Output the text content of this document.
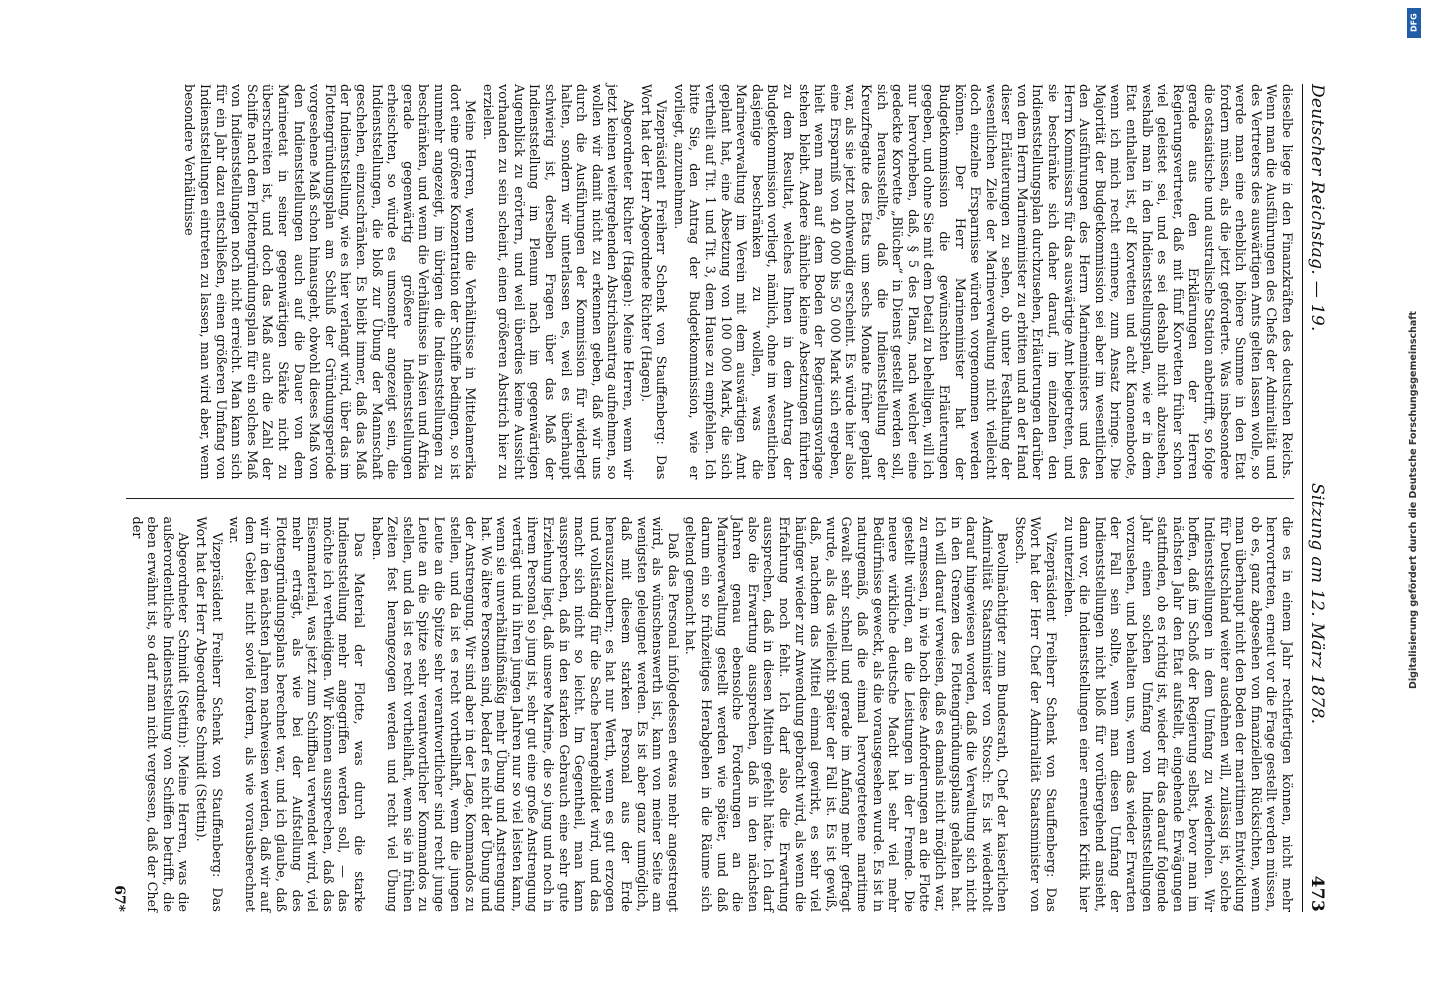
Deutscher Reichstag. — 19.
Sitzung am 12. März 1878.
473

dieselbe liege in den Finanzkräften des deutschen Reichs. Wenn man die Ausführungen des Chefs der Admiralität und des Vertreters des auswärtigen Amts gelten lassen wolle, so werde man eine erheblich höhere Summe in den Etat fordern müssen, als die jetzt geforderte. Was insbesondere die ostasiatische und australische Station anbetrifft, so folge gerade aus den Erklärungen der Herren Regierungsvertreter, daß mit fünf Korvetten früher schon viel geleistet sei, und es sei deshalb nicht abzusehen, weshalb man in den Indienststellungsplan, wie er in dem Etat enthalten ist, elf Korvetten und acht Kanonenboote, wenn ich mich recht erinnere, zum Ansatz bringe. Die Majorität der Budgetkommission sei aber im wesentlichen den Ausführungen des Herrn Marineministers und des Herrn Kommissars für das auswärtige Amt beigetreten, und sie beschränke sich daher darauf, im einzelnen den Indienststellungsplan durchzusehen, Erläuterungen darüber von dem Herrn Marineminister zu erbitten und an der Hand dieser Erläuterungen zu sehen, ob unter Festhaltung der wesentlichen Ziele der Marineverwaltung nicht vielleicht doch einzelne Ersparnisse würden vorgenommen werden können. Der Herr Marineminister hat der Budgetkommission die gewünschten Erläuterungen gegeben, und ohne Sie mit dem Detail zu behelligen, will ich nur hervorheben, daß, § 5 des Plans, nach welcher eine gedeckte Korvette „Blücher“ in Dienst gestellt werden soll, sich herausstellte, daß die Indienststellung der Kreuzfregatte des Etats um sechs Monate früher geplant war, als sie jetzt nothwendig erscheint. Es würde hier also eine Ersparniß von 40 000 bis 50 000 Mark sich ergeben, hielt wenn man auf dem Boden der Regierungsvorlage stehen bleibt. Andere ähnliche kleine Absetzungen führten zu dem Resultat, welches Ihnen in dem Antrag der Budgetkommission vorliegt, nämlich, ohne im wesentlichen dasjenige beschränken zu wollen, was die Marineverwaltung im Verein mit dem auswärtigen Amt geplant hat, eine Absetzung von 100 000 Mark, die sich vertheilt auf Tit. 1 und Tit. 3, dem Hause zu empfehlen. Ich bitte Sie, den Antrag der Budgetkommission, wie er vorliegt, anzunehmen.

Vizepräsident Freiherr Schenk von Stauffenberg: Das Wort hat der Herr Abgeordnete Richter (Hagen).

Abgeordneter Richter (Hagen): Meine Herren, wenn wir jetzt keinen weitergehenden Abstrichsantrag aufnehmen, so wollen wir damit nicht zu erkennen geben, daß wir uns durch die Ausführungen der Kommission für widerlegt halten, sondern wir unterlassen es, weil es überhaupt schwierig ist, derselben Fragen über das Maß der Indienststellung im Plenum nach im gegenwärtigen Augenblick zu erörtern, und weil überdies keine Aussicht vorhanden zu sein scheint, einen größeren Abstrich hier zu erzielen.

Meine Herren, wenn die Verhältnisse in Mittelamerika dort eine größere Konzentration der Schiffe bedingen, so ist nunmehr angezeigt, im übrigen die Indienststellungen zu beschränken, und wenn die Verhältnisse in Asien und Afrika gerade gegenwärtig größere Indienststellungen erheischten, so würde es umsomehr angezeigt sein, die Indienststellungen, die bloß zur Übung der Mannschaft geschehen, einzuschränken. Es bleibt immer, daß das Maß der Indienststellung, wie es hier verlangt wird, über das im Flottengründungsplan am Schluß der Gründungsperiode vorgesehene Maß schon hinausgeht, obwohl dieses Maß von den Indienststellungen auch auf die Dauer von dem Marineetat in seiner gegenwärtigen Stärke nicht zu überschreiten ist, und doch das Maß auch die Zahl der Schiffe nach dem Flottengründungsplan für ein solches Maß von Indienststellungen noch nicht erreicht. Man kann sich für ein Jahr dazu entschließen, einen größeren Umfang von Indienststellungen eintreten zu lassen, man wird aber, wenn besondere Verhältnisse

die es in einem Jahr rechtfertigen können, nicht mehr herrvortreten, erneut vor die Frage gestellt werden müssen, ob es, ganz abgesehen von finanziellen Rücksichten, wenn man überhaupt nicht den Boden der maritimen Entwicklung für Deutschland weiter ausdehnen will, zulässig ist, solche Indienststellungen in dem Umfang zu wiederholen. Wir hoffen, daß im Schoß der Regierung selbst, bevor man im nächsten Jahr den Etat aufstellt, eingehende Erwägungen stattfinden, ob es richtig ist, wieder für das darauf folgende Jahr einen solchen Umfang von Indienststellungen vorzusehen, und behalten uns, wenn das wieder Erwarten der Fall sein sollte, wenn man diesen Umfang der Indienststellungen nicht bloß für vorübergehend ansieht, dann vor, die Indienststellungen einer erneuten Kritik hier zu unterziehen.

Vizepräsident Freiherr Schenk von Stauffenberg: Das Wort hat der Herr Chef der Admiralität Staatsminister von Stosch.

Bevollmächtigter zum Bundesrath, Chef der kaiserlichen Admiralität Staatsminister von Stosch: Es ist wiederholt darauf hingewiesen worden, daß die Verwaltung sich nicht in den Grenzen des Flottengründungsplans gehalten hat. Ich will darauf verweisen, daß es damals nicht möglich war, zu ermessen, in wie hoch diese Anforderungen an die Flotte gestellt würden, an die Leistungen in der Fremde. Die neuere wirkliche deutsche Macht hat sehr viel mehr Bedürfnisse geweckt, als die vorausgesehen wurde. Es ist in naturgemäß, daß die einmal hervorgetretene maritime Gewalt sehr schnell und gerade im Anfang mehr gefragt wurde, als das vielleicht später der Fall ist. Es ist gewiß, daß, nachdem das Mittel einmal gewirkt, es sehr viel häufiger wieder zur Anwendung gebracht wird, als wenn die Erfahrung noch fehlt. Ich darf also die Erwartung aussprechen, daß in diesen Mitteln gefehlt hätte. Ich darf also die Erwartung aussprechen, daß in den nächsten Jahren genau ebensolche Forderungen an die Marineverwaltung gestellt werden wie später, und daß darum ein so frühzeitiges Herabgehen in die Räume sich geltend gemacht hat.

Daß das Personal infolgedessen etwas mehr angestrengt wird, als wünschenswerth ist, kann von meiner Seite am wenigsten geleugnet werden. Es ist aber ganz unmöglich, daß mit diesem starken Personal aus der Erde herauszuzaubern; es hat nur Werth, wenn es gut erzogen und vollständig für die Sache herangebildet wird, und das macht sich nicht so leicht. Im Gegentheil, man kann aussprechen, daß in den starken Gebrauch eine sehr gute Erziehung liegt, daß unsere Marine, die so jung und noch in ihrem Personal so jung ist, sehr gut eine große Anstrengung verträgt und in ihren jungen Jahren nur so viel leisten kann, wenn sie unverhältnißmäßig mehr Übung und Anstrengung hat. Wo ältere Personen sind, bedarf es nicht der Übung und der Anstrengung. Wir sind aber in der Lage, Kommandos zu stellen, und da ist es recht vortheilhaft, wenn die jungen Leute an die Spitze sehr verantwortlicher sind recht junge Leute an die Spitze sehr verantwortlicher Kommandos zu stellen, und da ist es recht vortheilhaft, wenn sie in frühen Zeiten fest herangezogen werden und recht viel Übung haben.

Das Material der Flotte, was durch die starke Indienststellung mehr angegriffen werden soll, — das möchte ich vertheidigen. Wir können aussprechen, daß das Eisenmaterial, was jetzt zum Schiffbau verwendet wird, viel mehr erträgt, als wie bei der Aufstellung des Flottengründungsplans berechnet war, und ich glaube, daß wir in den nächsten Jahren nachweisen werden, daß wir auf dem Gebiet nicht soviel fordern, als wie vorausberechnet war.

Vizepräsident Freiherr Schenk von Stauffenberg: Das Wort hat der Herr Abgeordnete Schmidt (Stettin).

Abgeordneter Schmidt (Stettin): Meine Herren, was die außerordentliche Indienststellung von Schiffen betrifft, die eben erwähnt ist, so darf man nicht vergessen, daß der Chef der

67*
DFG
Digitalisierung gefördert durch die Deutsche Forschungsgemeinschaft
